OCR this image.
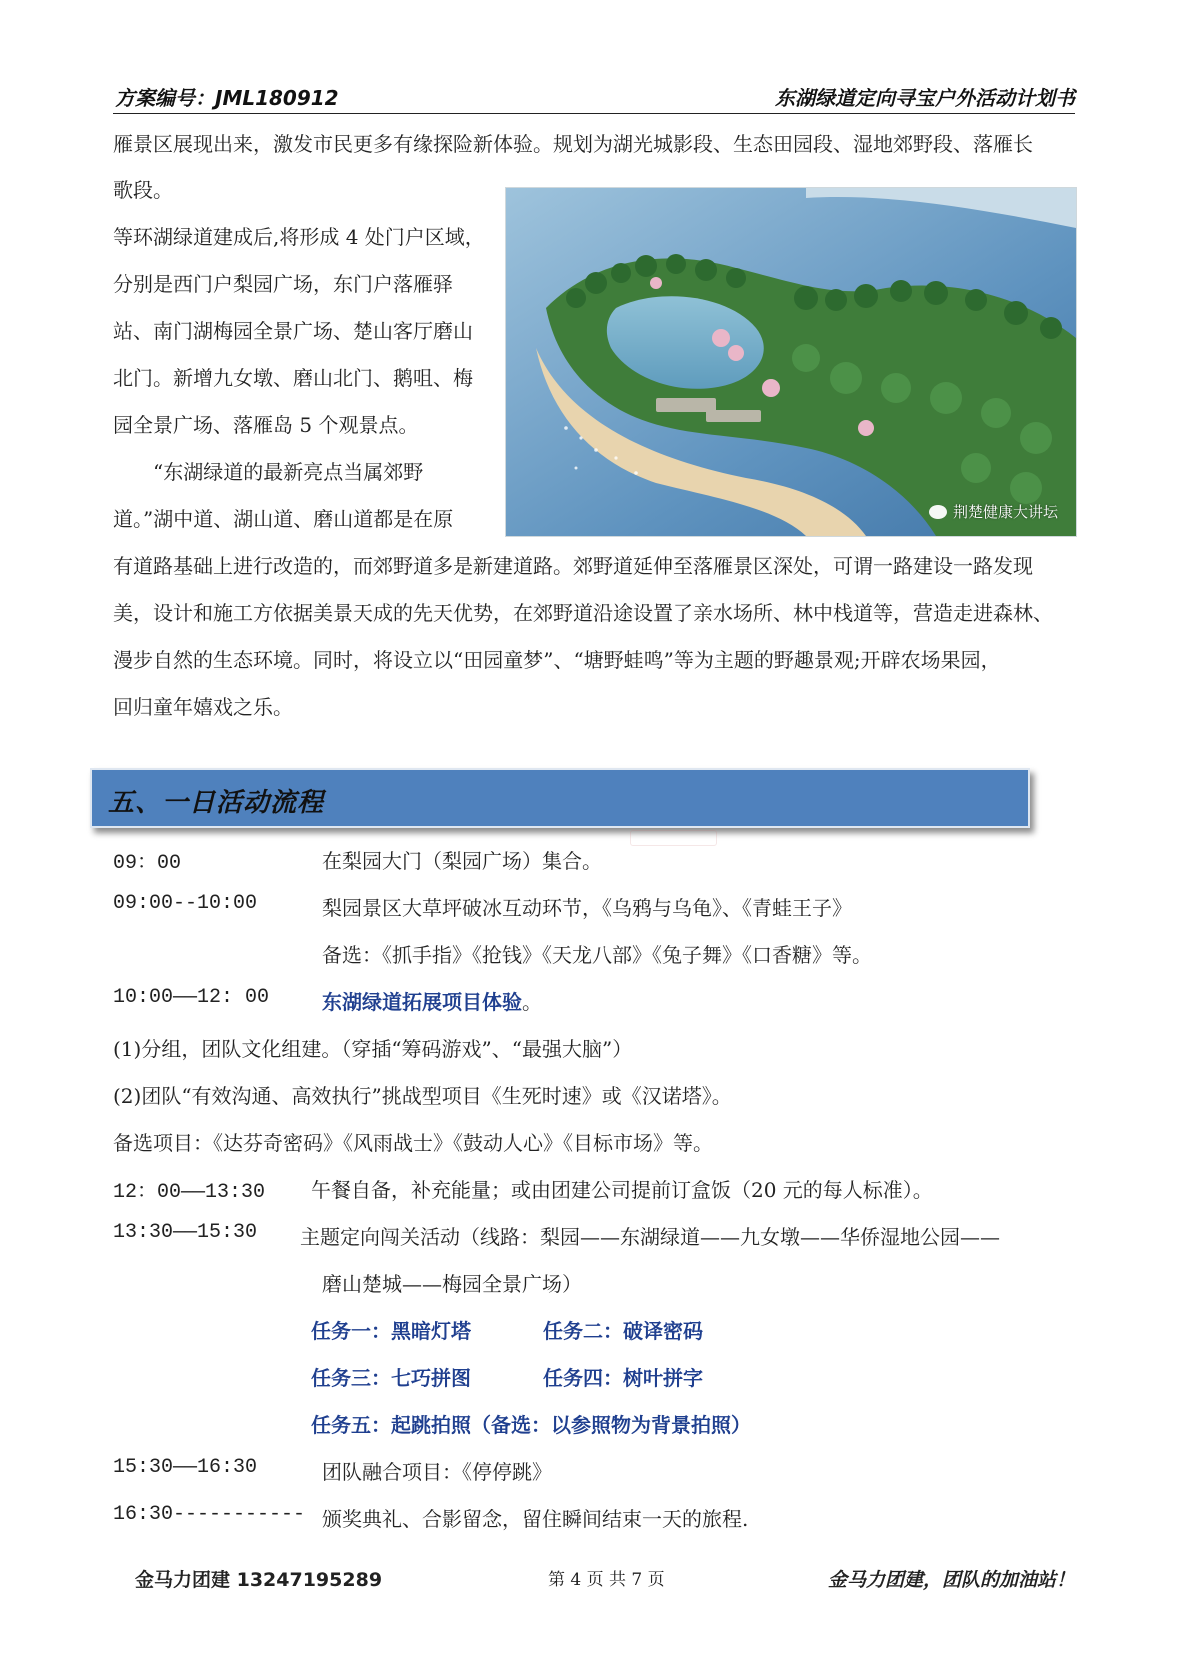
方案编号：JML180912	东湖绿道定向寻宝户外活动计划书
雁景区展现出来，激发市民更多有缘探险新体验。规划为湖光城影段、生态田园段、湿地郊野段、落雁长
歌段。
等环湖绿道建成后,将形成 4 处门户区域，
分别是西门户梨园广场，东门户落雁驿
站、南门湖梅园全景广场、楚山客厅磨山
北门。新增九女墩、磨山北门、鹅咀、梅
园全景广场、落雁岛 5 个观景点。
　　“东湖绿道的最新亮点当属郊野
道。”湖中道、湖山道、磨山道都是在原	荆楚健康大讲坛
有道路基础上进行改造的，而郊野道多是新建道路。郊野道延伸至落雁景区深处，可谓一路建设一路发现
美，设计和施工方依据美景天成的先天优势，在郊野道沿途设置了亲水场所、林中栈道等，营造走进森林、
漫步自然的生态环境。同时，将设立以“田园童梦”、“塘野蛙鸣”等为主题的野趣景观;开辟农场果园，
回归童年嬉戏之乐。
五、一日活动流程
09：00	在梨园大门（梨园广场）集合。
09:00--10:00	梨园景区大草坪破冰互动环节，《乌鸦与乌龟》、《青蛙王子》
备选：《抓手指》《抢钱》《天龙八部》《兔子舞》《口香糖》等。
10:00——12: 00	东湖绿道拓展项目体验。
(1)分组，团队文化组建。（穿插“筹码游戏”、“最强大脑”）
(2)团队“有效沟通、高效执行”挑战型项目《生死时速》或《汉诺塔》。
备选项目：《达芬奇密码》《风雨战士》《鼓动人心》《目标市场》等。
12：00——13:30 午餐自备，补充能量；或由团建公司提前订盒饭（20 元的每人标准）。
13:30——15:30 主题定向闯关活动（线路：梨园——东湖绿道——九女墩——华侨湿地公园——
磨山楚城——梅园全景广场）
任务一：黑暗灯塔	任务二：破译密码
任务三：七巧拼图	任务四：树叶拼字
任务五：起跳拍照（备选：以参照物为背景拍照）
15:30——16:30	团队融合项目：《停停跳》
16:30----------- 颁奖典礼、合影留念，留住瞬间结束一天的旅程.
金马力团建 13247195289	第 4 页 共 7 页	金马力团建，团队的加油站！
